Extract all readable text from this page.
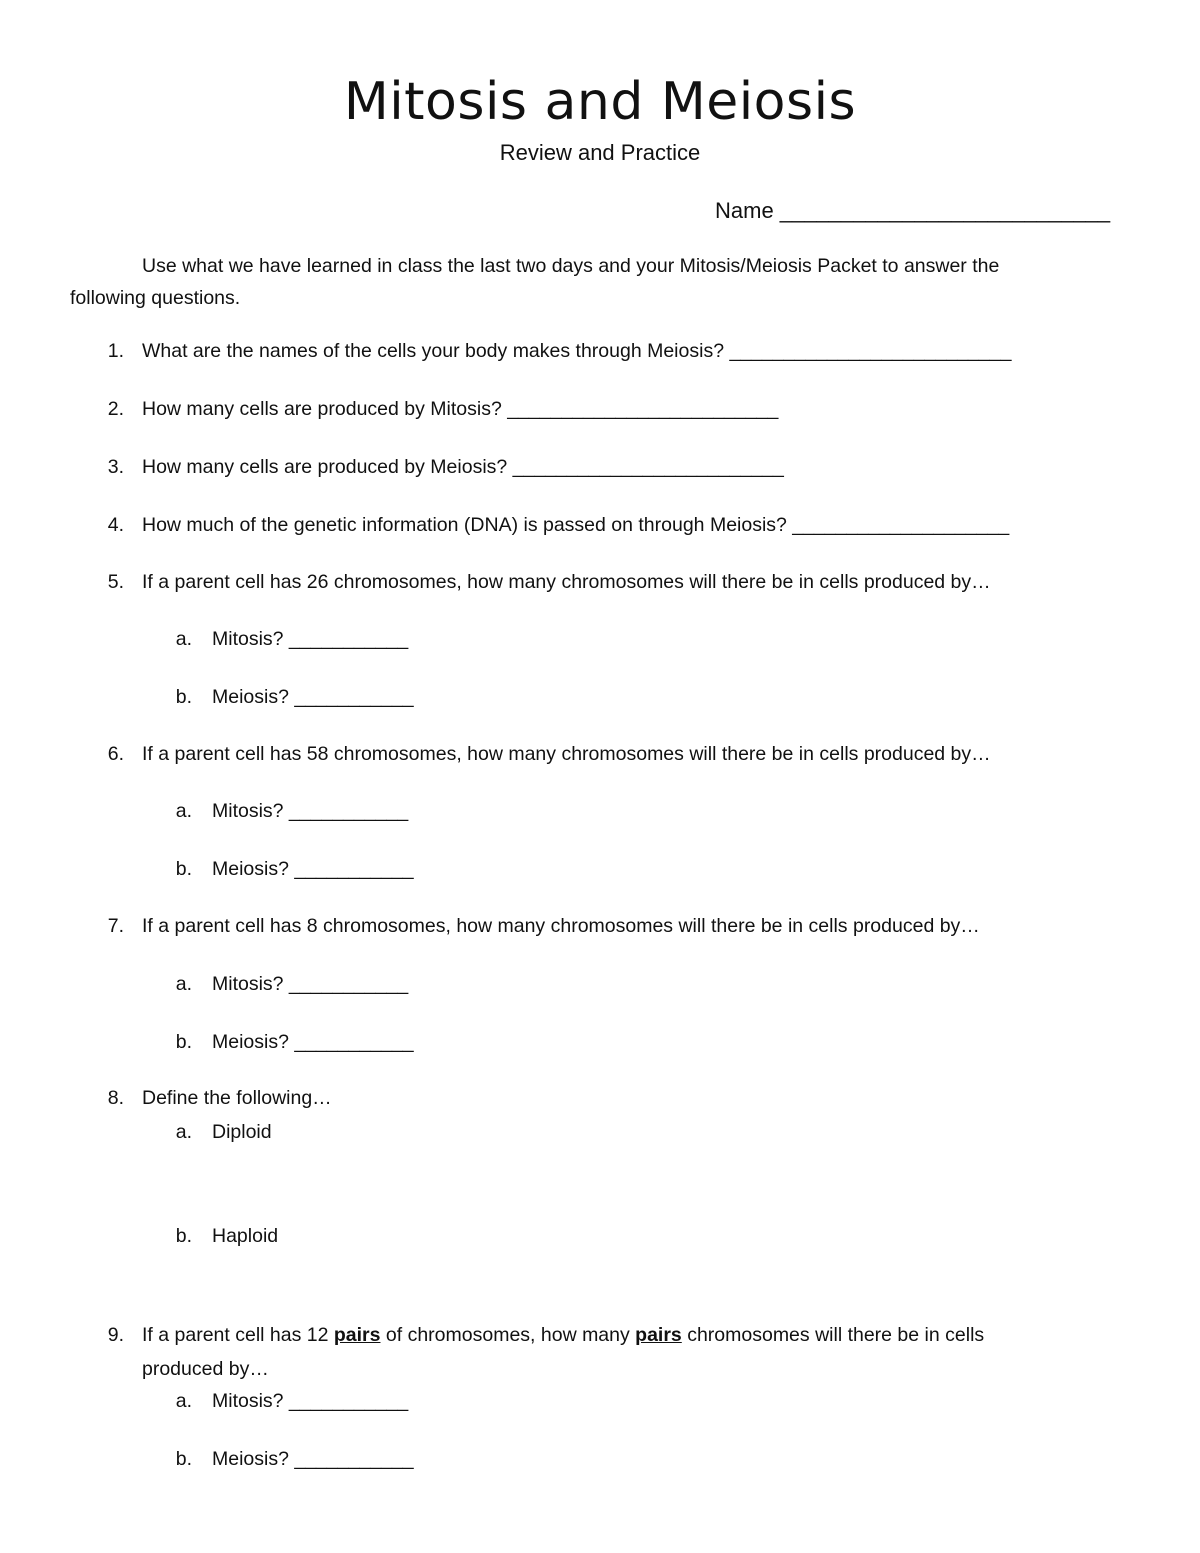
Mitosis and Meiosis
Review and Practice
Name ___________________________
Use what we have learned in class the last two days and your Mitosis/Meiosis Packet to answer the
following questions.
1. What are the names of the cells your body makes through Meiosis? __________________________
2. How many cells are produced by Mitosis? _________________________
3. How many cells are produced by Meiosis? _________________________
4. How much of the genetic information (DNA) is passed on through Meiosis? ____________________
5. If a parent cell has 26 chromosomes, how many chromosomes will there be in cells produced by…
a. Mitosis? ___________
b. Meiosis? ___________
6. If a parent cell has 58 chromosomes, how many chromosomes will there be in cells produced by…
a. Mitosis? ___________
b. Meiosis? ___________
7. If a parent cell has 8 chromosomes, how many chromosomes will there be in cells produced by…
a. Mitosis? ___________
b. Meiosis? ___________
8. Define the following…
a. Diploid
b. Haploid
9. If a parent cell has 12 pairs of chromosomes, how many pairs chromosomes will there be in cells
produced by…
a. Mitosis? ___________
b. Meiosis? ___________
